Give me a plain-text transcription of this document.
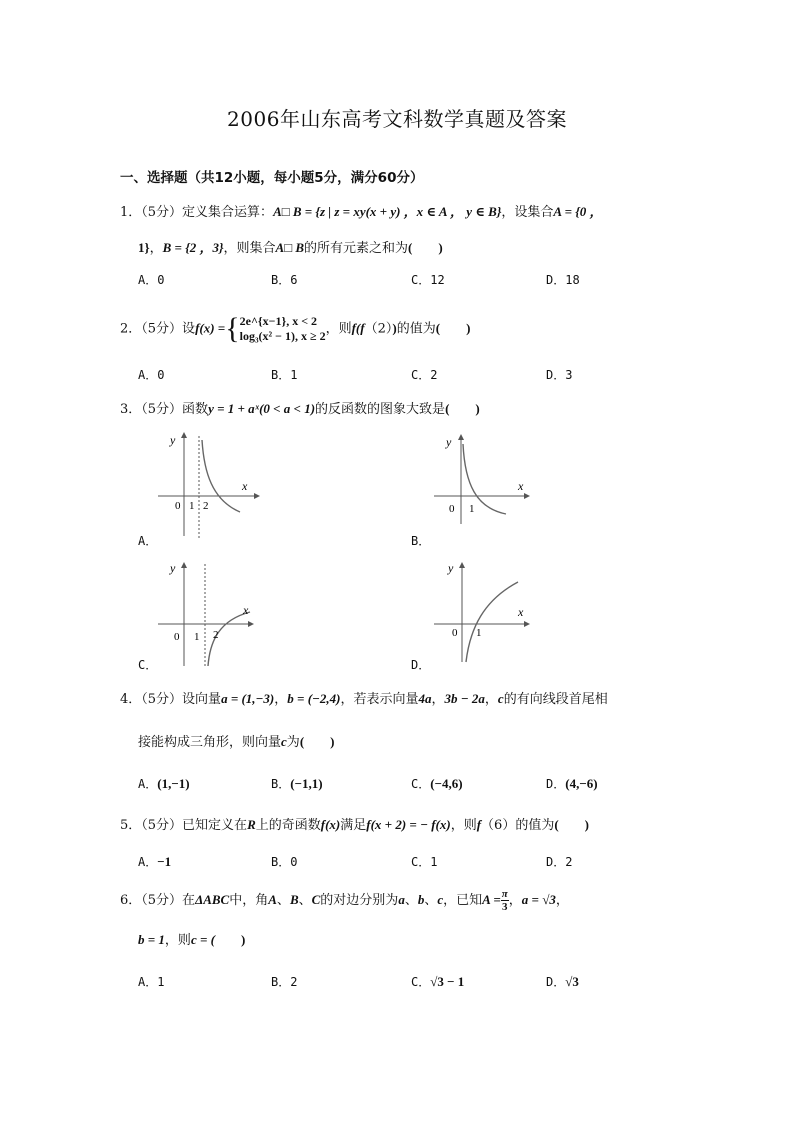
2006年山东高考文科数学真题及答案
一、选择题（共12小题，每小题5分，满分60分）
1．（5分）定义集合运算：A□ B = {z | z = xy(x + y) ，x ∈ A ， y ∈ B}，设集合A = {0 ，
1}，B = {2 ，3}，则集合A□ B的所有元素之和为(　　)
A．0	B．6	C．12	D．18
2．（5分）设f(x) ={2e^{x−1}, x < 2
log₃(x² − 1), x ≥ 2，则f(f（2）)的值为(　　)
A．0	B．1	C．2	D．3
3．（5分）函数y = 1 + aˣ(0 < a < 1)的反函数的图象大致是(　　)
y
x
0 1 2
A．
y
x
0 1
B．
y
x
0 1 2
C．
y
x
0 1
D．
4．（5分）设向量a = (1,−3)，b = (−2,4)，若表示向量4a，3b − 2a，c的有向线段首尾相
接能构成三角形，则向量c为(　　)
A．(1,−1)	B．(−1,1)	C．(−4,6)	D．(4,−6)
5．（5分）已知定义在R上的奇函数f(x)满足f(x + 2) = − f(x)，则f（6）的值为(　　)
A．−1	B．0	C．1	D．2
6．（5分）在ΔABC中，角A、B、C的对边分别为a、b、c，已知$A = \frac{\pi}{3}$ ，a = √3，
b = 1，则c = (　　)
A．1	B．2	C．√3 − 1	D．√3
